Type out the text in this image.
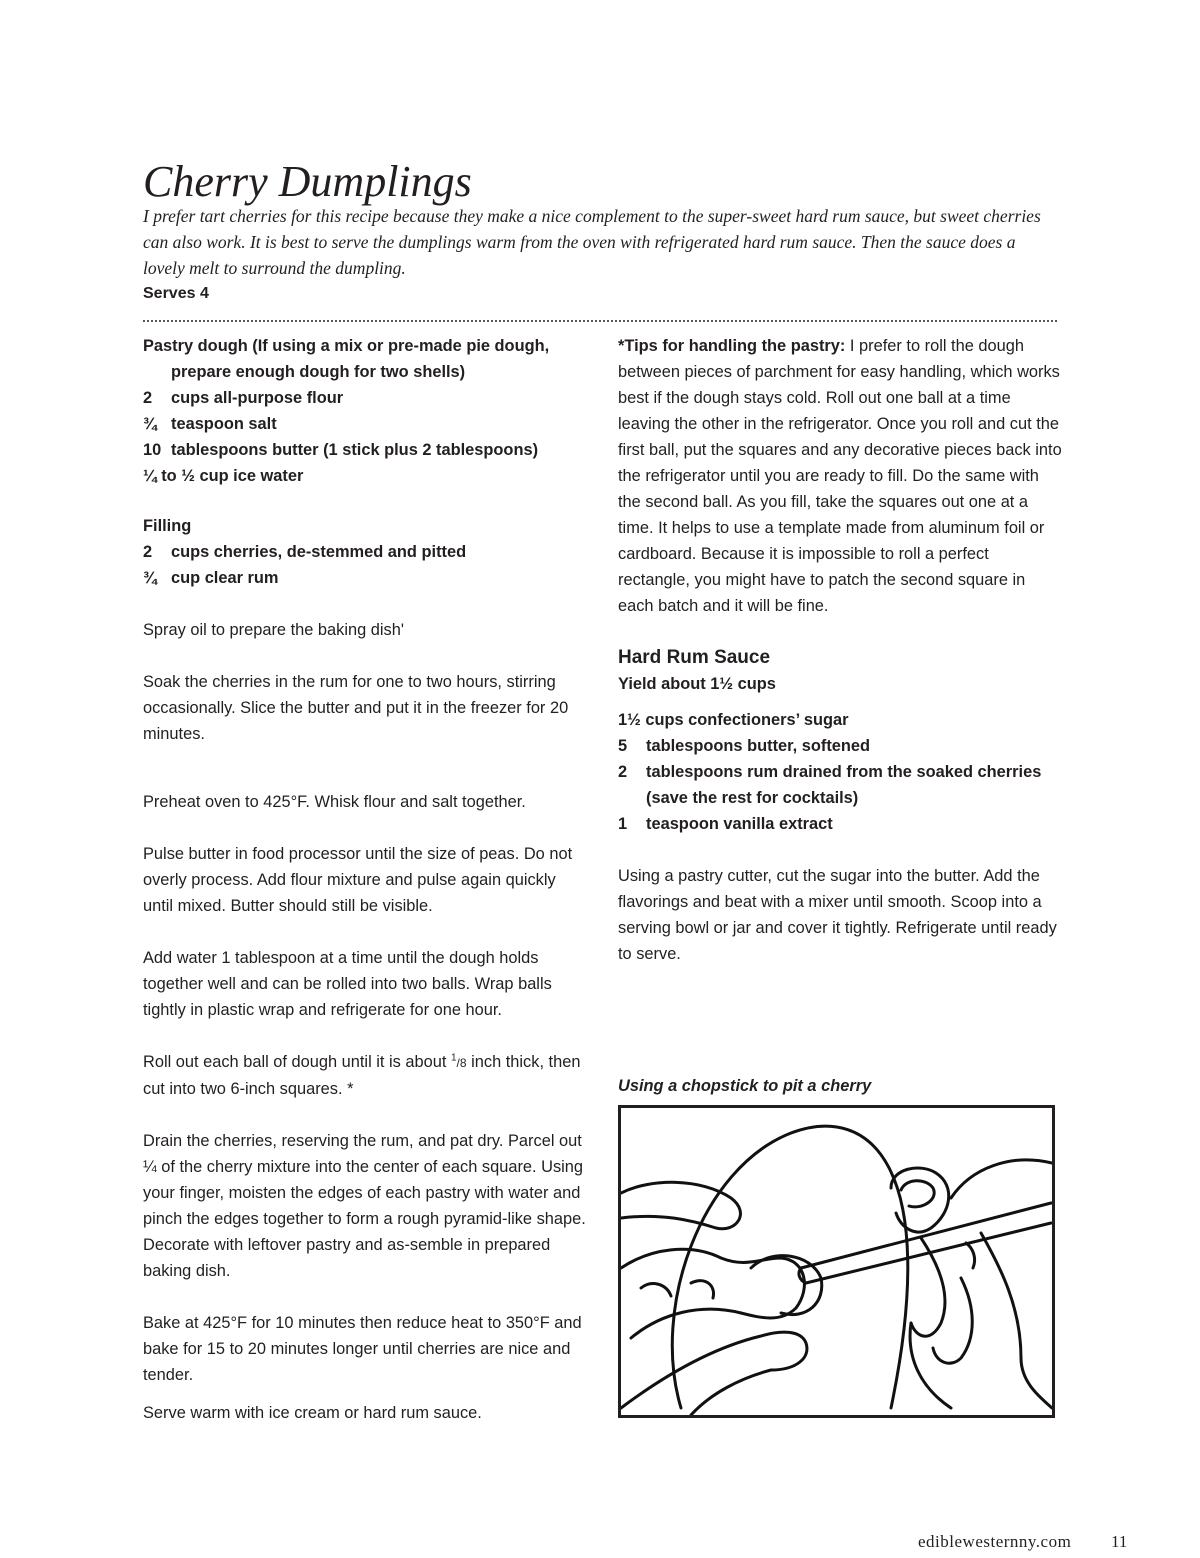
Cherry Dumplings

I prefer tart cherries for this recipe because they make a nice complement to the super-sweet hard rum sauce, but sweet cherries can also work. It is best to serve the dumplings warm from the oven with refrigerated hard rum sauce. Then the sauce does a lovely melt to surround the dumpling.

Serves 4

Pastry dough (If using a mix or pre-made pie dough,

prepare enough dough for two shells)

2	cups all-purpose flour
¾ teaspoon salt
10 tablespoons butter (1 stick plus 2 tablespoons)

¼ to ½ cup ice water

Filling

2	cups cherries, de-stemmed and pitted
¾ cup clear rum

Spray oil to prepare the baking dish'

Soak the cherries in the rum for one to two hours, stirring occasionally. Slice the butter and put it in the freezer for 20 minutes.

Preheat oven to 425°F. Whisk flour and salt together.

Pulse butter in food processor until the size of peas. Do not overly process. Add flour mixture and pulse again quickly until mixed. Butter should still be visible.

Add water 1 tablespoon at a time until the dough holds together well and can be rolled into two balls. Wrap balls tightly in plastic wrap and refrigerate for one hour.

Roll out each ball of dough until it is about $^1$/8 inch thick, then cut into two 6-inch squares. *

Drain the cherries, reserving the rum, and pat dry. Parcel out ¼ of the cherry mixture into the center of each square. Using your finger, moisten the edges of each pastry with water and pinch the edges together to form a rough pyramid-like shape. Decorate with leftover pastry and as-semble in prepared baking dish.

Bake at 425°F for 10 minutes then reduce heat to 350°F and bake for 15 to 20 minutes longer until cherries are nice and tender.

Serve warm with ice cream or hard rum sauce.

*Tips for handling the pastry: I prefer to roll the dough between pieces of parchment for easy handling, which works best if the dough stays cold. Roll out one ball at a time leaving the other in the refrigerator. Once you roll and cut the first ball, put the squares and any decorative pieces back into the refrigerator until you are ready to fill. Do the same with the second ball. As you fill, take the squares out one at a time. It helps to use a template made from aluminum foil or cardboard. Because it is impossible to roll a perfect rectangle, you might have to patch the second square in each batch and it will be fine.

Hard Rum Sauce

Yield about 1½ cups

1½ cups confectioners’ sugar

5	tablespoons butter, softened
2	tablespoons rum drained from the soaked cherries

(save the rest for cocktails)

1	teaspoon vanilla extract

Using a pastry cutter, cut the sugar into the butter. Add the flavorings and beat with a mixer until smooth. Scoop into a serving bowl or jar and cover it tightly. Refrigerate until ready to serve.

Using a chopstick to pit a cherry
ediblewesternny.com 11
